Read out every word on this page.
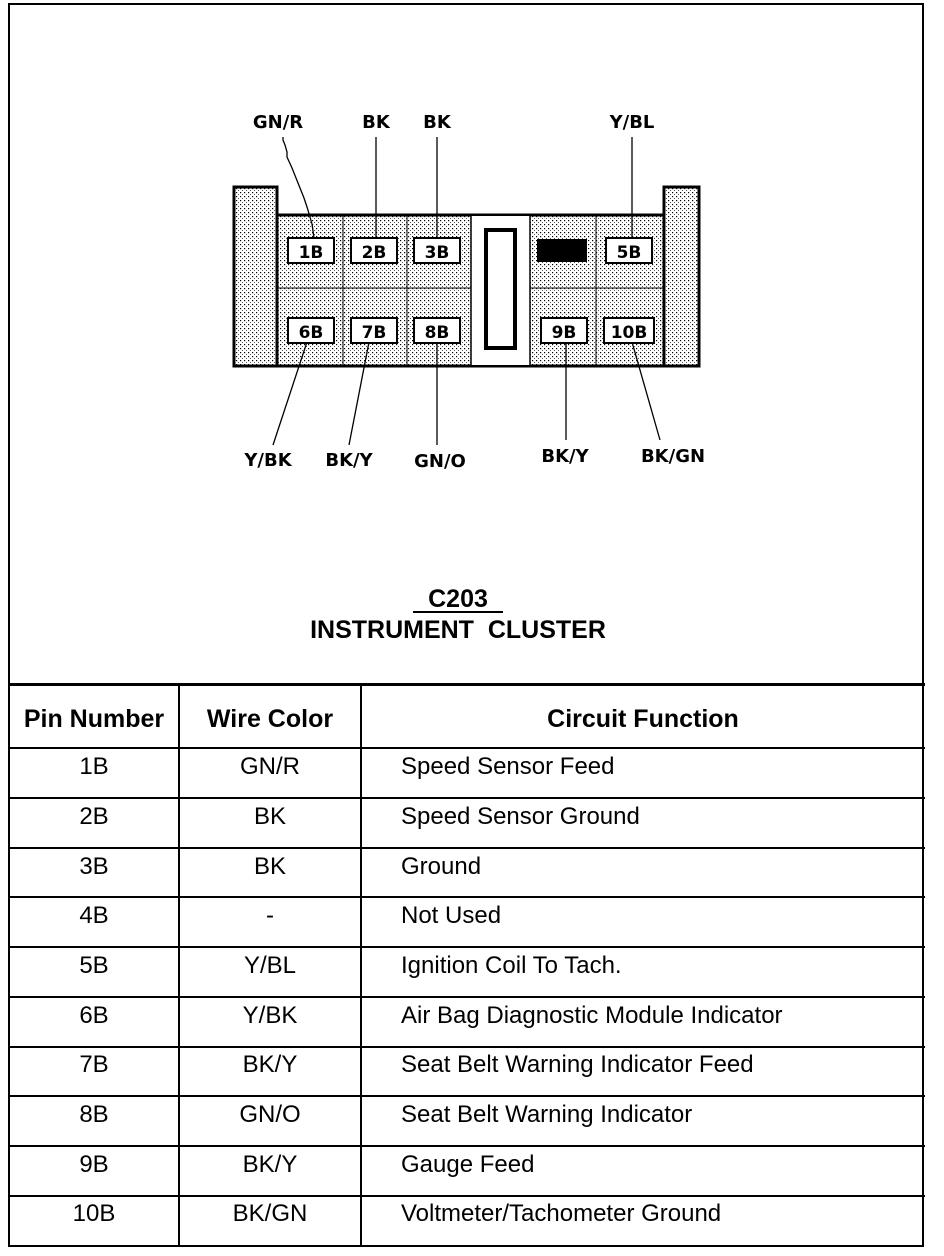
1B 2B 3B	5B
6B 7B 8B	9B 10B
GN/R	BK BK	Y/BL
Y/BK BK/Y GN/O	BK/Y	BK/GN
C203
INSTRUMENT  CLUSTER
Pin Number	Wire Color	Circuit Function
1B	GN/R	Speed Sensor Feed
2B	BK	Speed Sensor Ground
3B	BK	Ground
4B	-	Not Used
5B	Y/BL	Ignition Coil To Tach.
6B	Y/BK	Air Bag Diagnostic Module Indicator
7B	BK/Y	Seat Belt Warning Indicator Feed
8B	GN/O	Seat Belt Warning Indicator
9B	BK/Y	Gauge Feed
10B	BK/GN	Voltmeter/Tachometer Ground
